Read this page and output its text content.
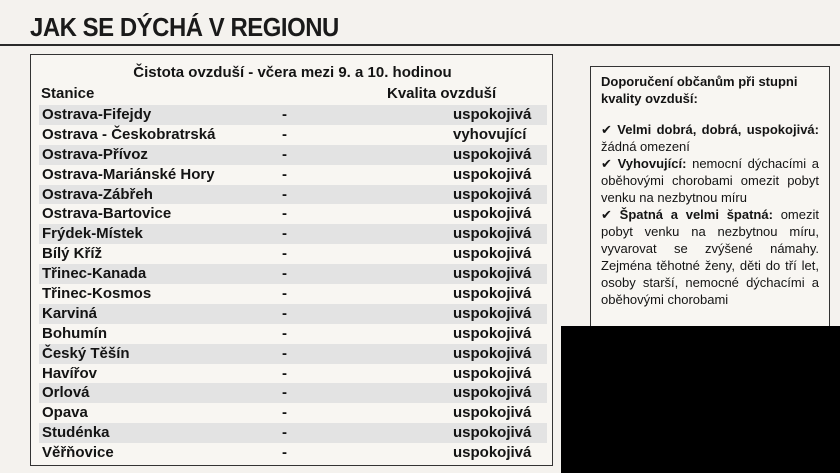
JAK SE DÝCHÁ V REGIONU
Čistota ovzduší - včera mezi 9. a 10. hodinou
Stanice	Kvalita ovzduší
Ostrava-Fifejdy	-	uspokojivá
Ostrava - Českobratrská	-	vyhovující
Ostrava-Přívoz	-	uspokojivá
Ostrava-Mariánské Hory	-	uspokojivá
Ostrava-Zábřeh	-	uspokojivá
Ostrava-Bartovice	-	uspokojivá
Frýdek-Místek	-	uspokojivá
Bílý Kříž	-	uspokojivá
Třinec-Kanada	-	uspokojivá
Třinec-Kosmos	-	uspokojivá
Karviná	-	uspokojivá
Bohumín	-	uspokojivá
Český Těšín	-	uspokojivá
Havířov	-	uspokojivá
Orlová	-	uspokojivá
Opava	-	uspokojivá
Studénka	-	uspokojivá
Věřňovice	-	uspokojivá

Doporučení občanům při stupni kvality ovzduší:

✔ Velmi dobrá, dobrá, uspokojivá: žádná omezení

✔ Vyhovující: nemocní dýchacími a oběhovými chorobami omezit pobyt venku na nezbytnou míru

✔ Špatná a velmi špatná: omezit pobyt venku na nezbytnou míru, vyvarovat se zvýšené námahy. Zejména těhotné ženy, děti do tří let, osoby starší, nemocné dýchacími a oběhovými chorobami
